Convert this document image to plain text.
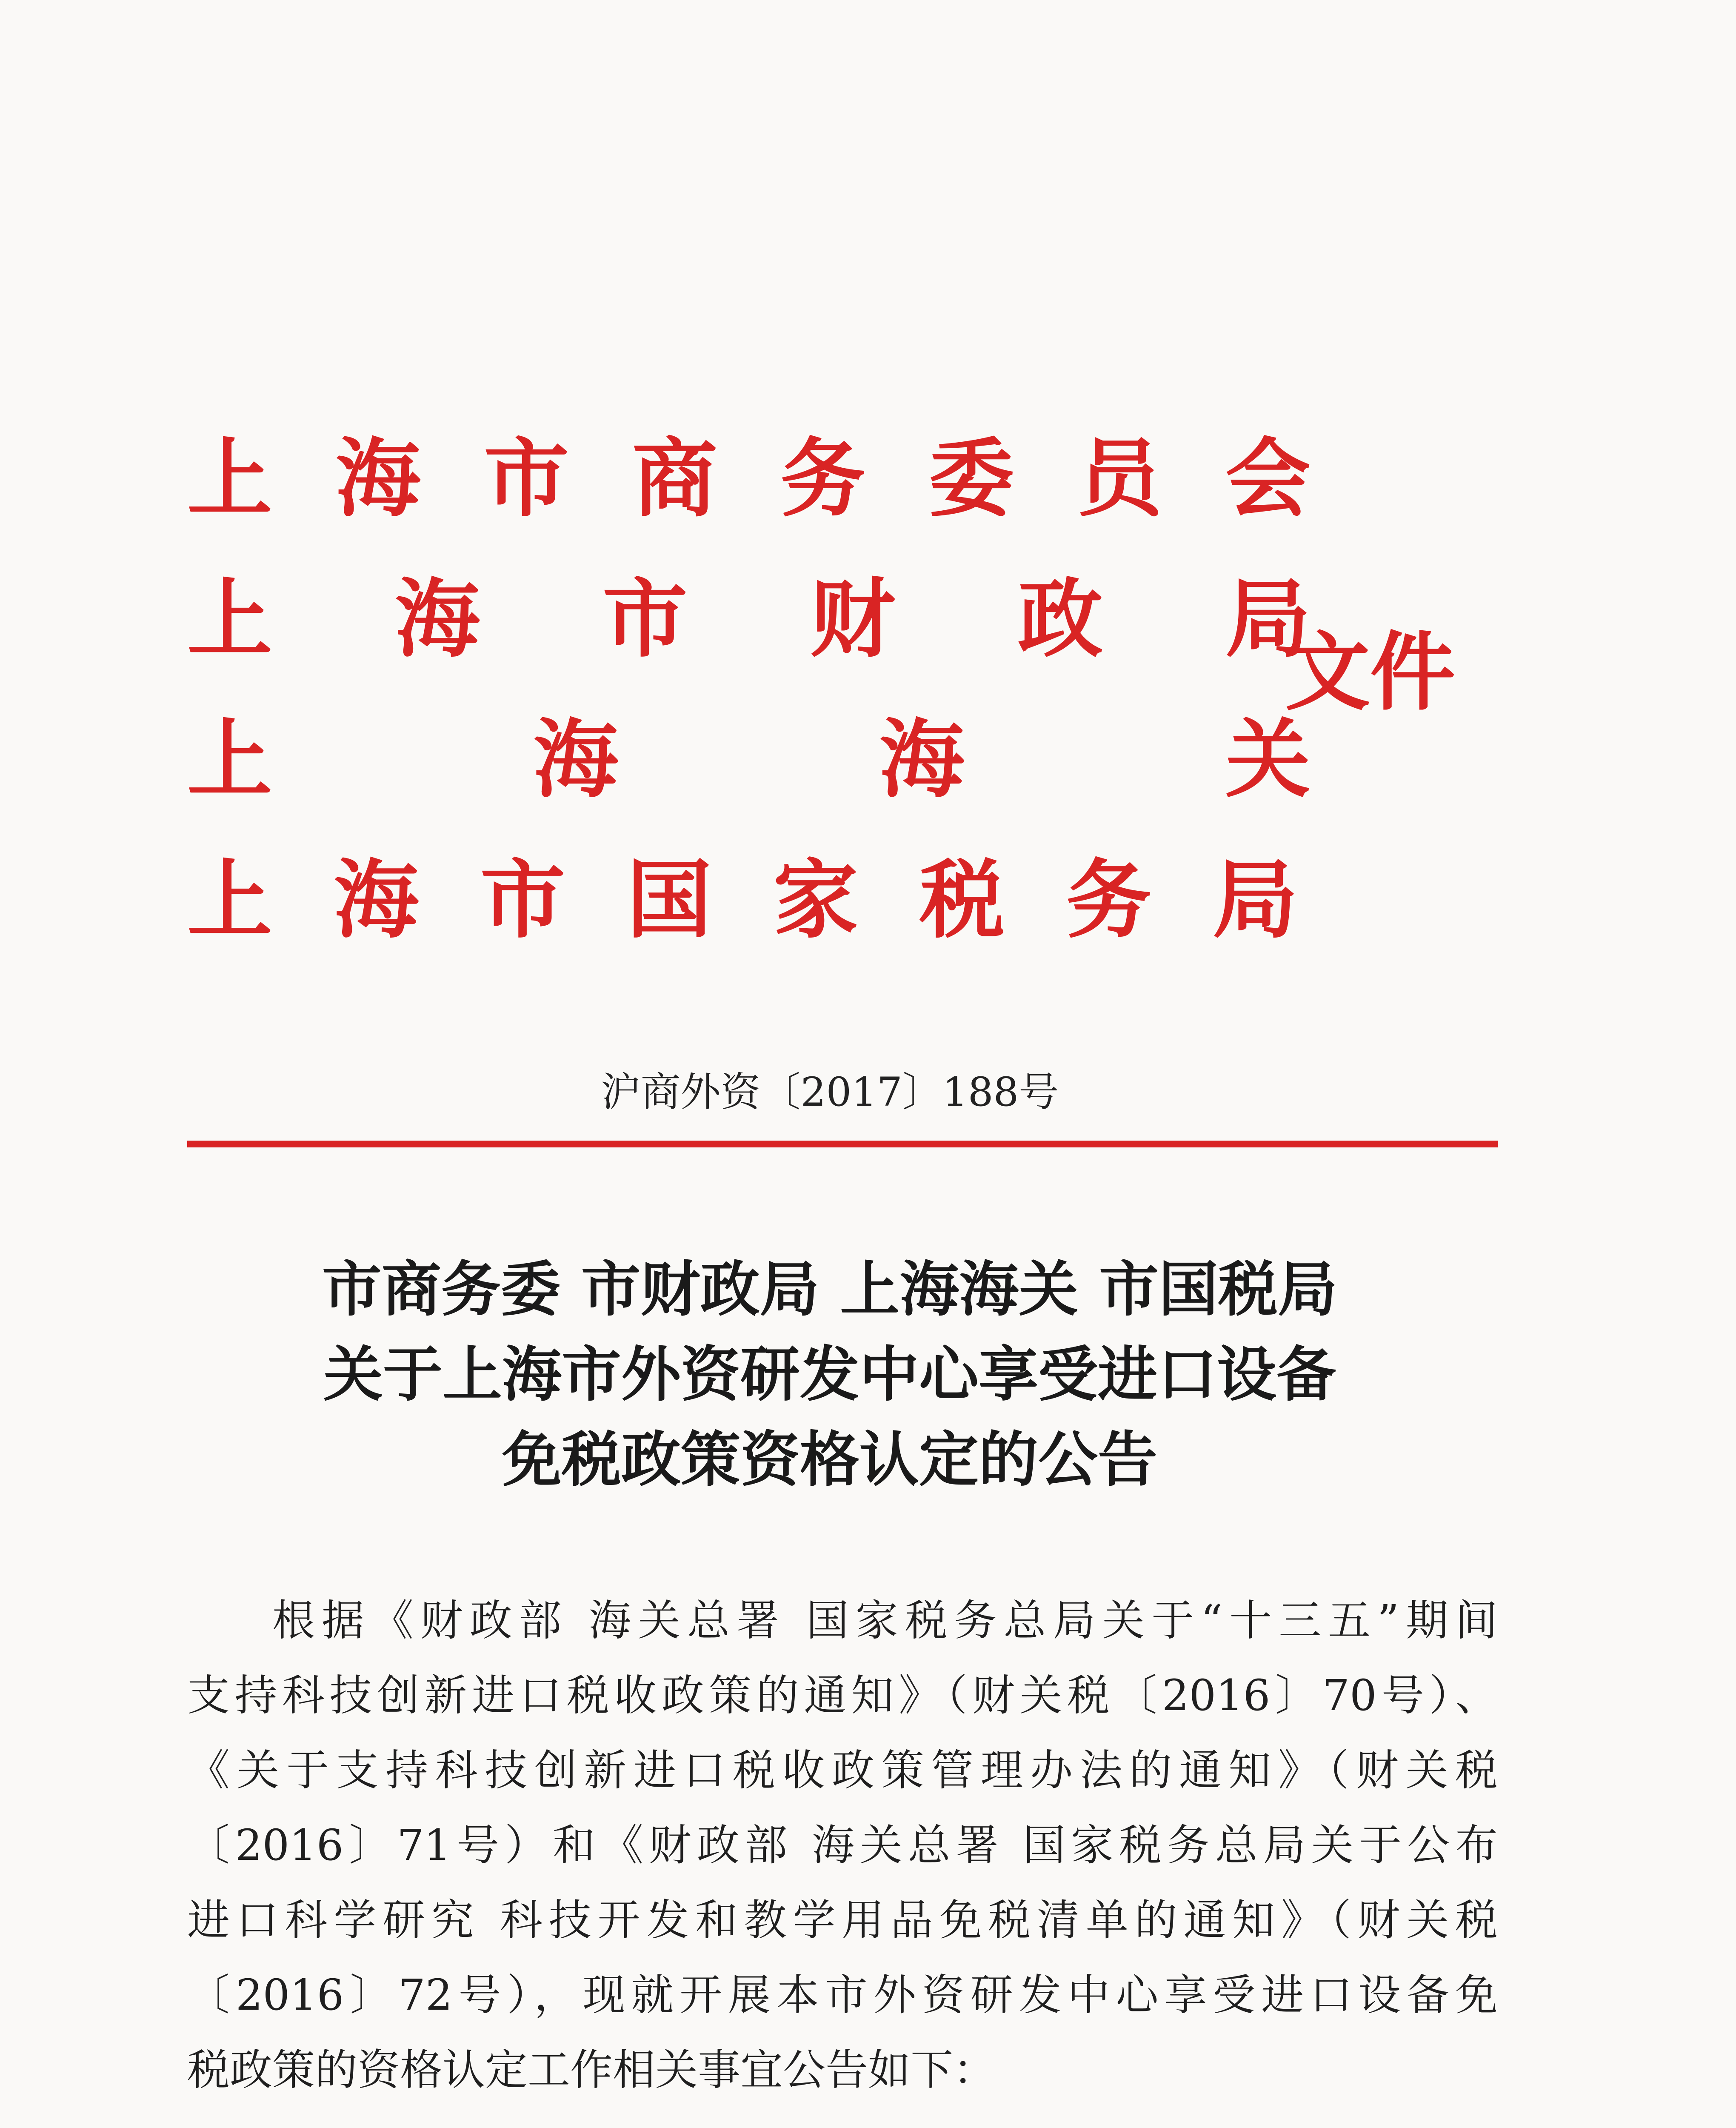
上 海 市 商 务 委 员 会
上 海 市 财 政 局
上	海	海	关
上 海 市 国 家 税 务 局
文件
沪商外资〔2017〕188号
市商务委 市财政局 上海海关 市国税局
关于上海市外资研发中心享受进口设备
免税政策资格认定的公告
根据《财政部 海关总署 国家税务总局关于“十三五”期间
支持科技创新进口税收政策的通知》（财关税〔2016〕70号）、
《关于支持科技创新进口税收政策管理办法的通知》（财关税
〔2016〕71号）和《财政部 海关总署 国家税务总局关于公布
进口科学研究 科技开发和教学用品免税清单的通知》（财关税
〔2016〕72号），现就开展本市外资研发中心享受进口设备免
税政策的资格认定工作相关事宜公告如下：
